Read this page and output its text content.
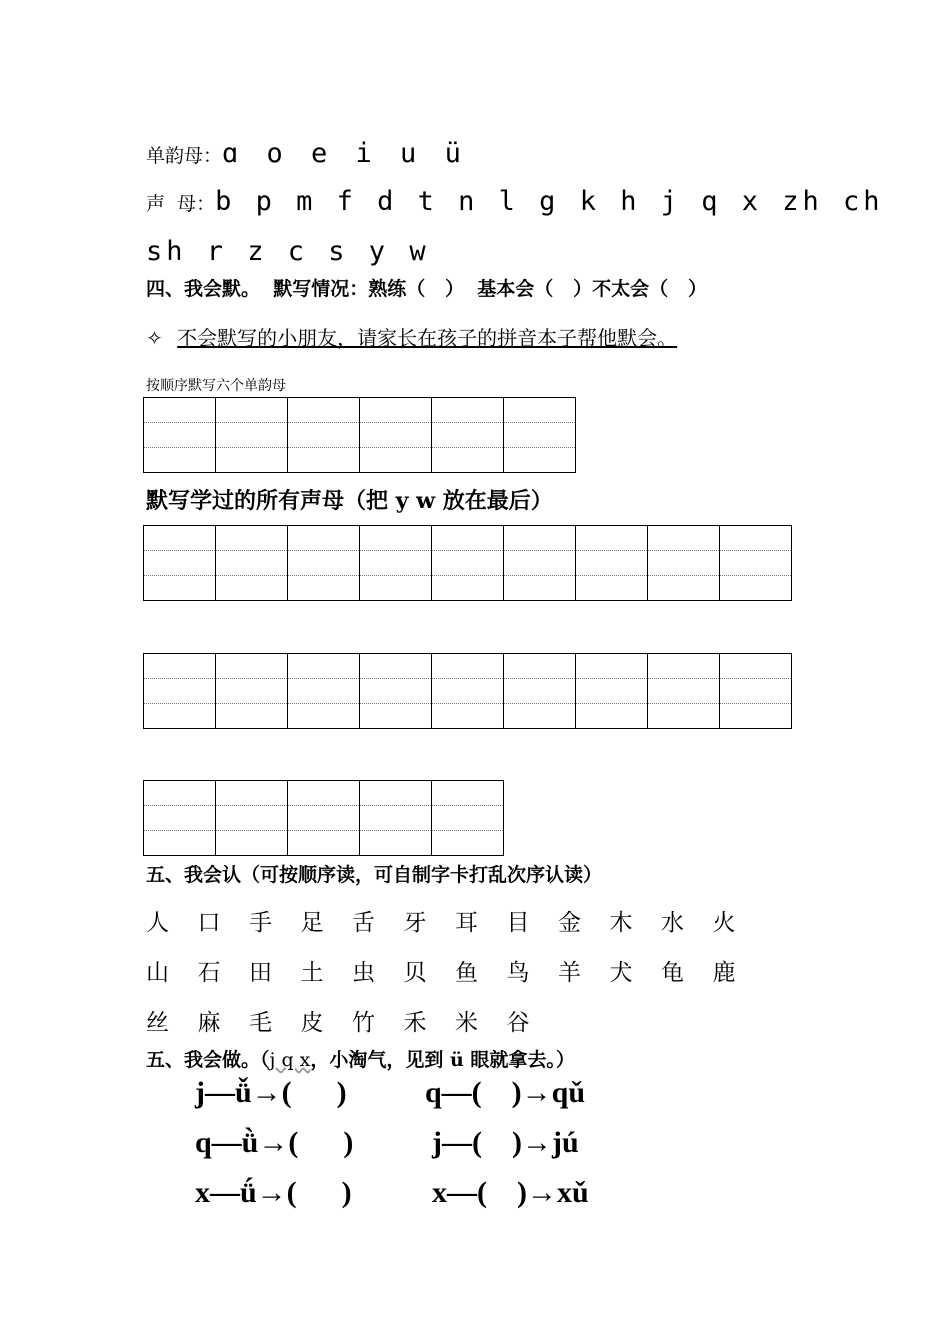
单韵母：ɑ o e i u ü
声  母：b p m f d t n l g k h j q x zh ch
sh r z c s y w
四、我会默。  默写情况：熟练（   ）  基本会（   ）不太会（   ）
✧ 不会默写的小朋友，请家长在孩子的拼音本子帮他默会。
按顺序默写六个单韵母

默写学过的所有声母（把 y w 放在最后）

五、我会认（可按顺序读，可自制字卡打乱次序认读）
人 口 手 足 舌 牙 耳 目 金 木 水 火
山 石 田 土 虫 贝 鱼 鸟 羊 犬 龟 鹿
丝 麻 毛 皮 竹 禾 米 谷
五、我会做。（j q x，小淘气，见到 ü 眼就拿去。）
j—ǚ→(      )	q—(    )→qǔ
q—ǜ→(      )	j—(    )→jú
x—ǘ→(      )	x—(    )→xǔ
